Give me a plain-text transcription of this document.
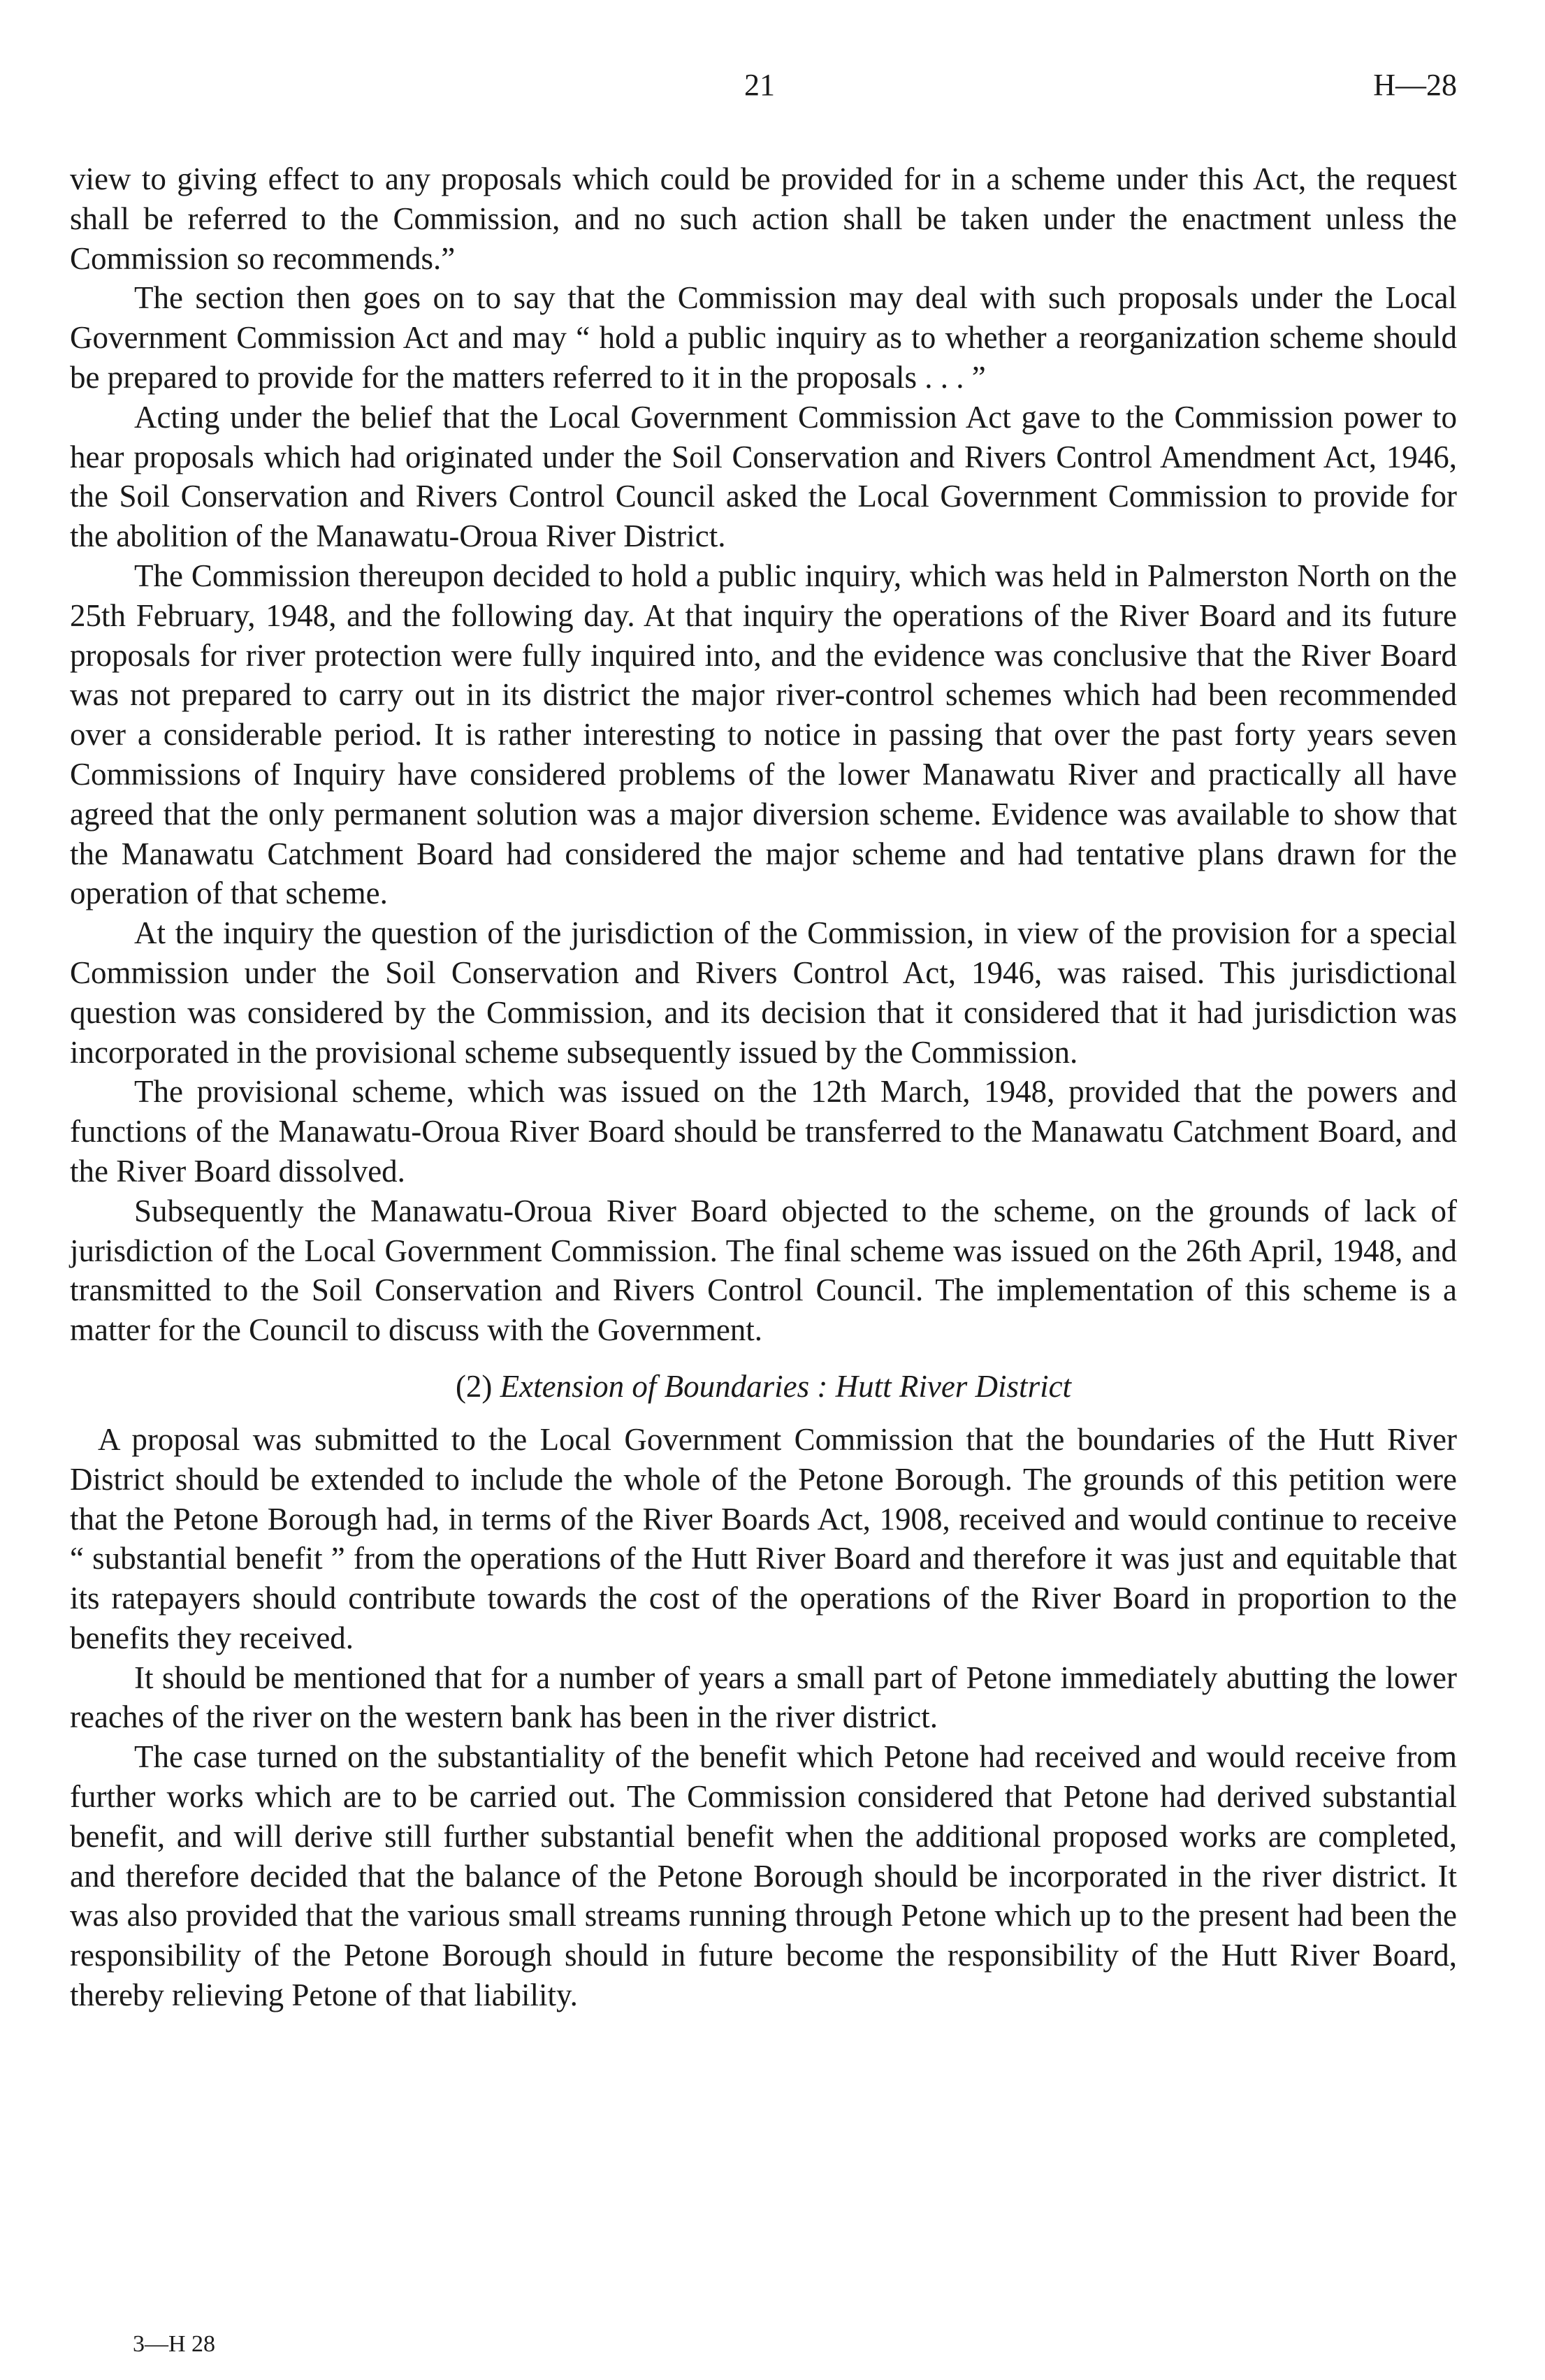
21	H—28

view to giving effect to any proposals which could be provided for in a scheme under this Act, the request shall be referred to the Commission, and no such action shall be taken under the enactment unless the Commission so recommends.”

The section then goes on to say that the Commission may deal with such proposals under the Local Government Commission Act and may “ hold a public inquiry as to whether a reorganization scheme should be prepared to provide for the matters referred to it in the proposals . . . ”

Acting under the belief that the Local Government Commission Act gave to the Commission power to hear proposals which had originated under the Soil Conservation and Rivers Control Amendment Act, 1946, the Soil Conservation and Rivers Control Council asked the Local Government Commission to provide for the abolition of the Manawatu-Oroua River District.

The Commission thereupon decided to hold a public inquiry, which was held in Palmerston North on the 25th February, 1948, and the following day. At that inquiry the operations of the River Board and its future proposals for river protection were fully inquired into, and the evidence was conclusive that the River Board was not prepared to carry out in its district the major river-control schemes which had been recommended over a considerable period. It is rather interesting to notice in passing that over the past forty years seven Commissions of Inquiry have considered problems of the lower Manawatu River and practically all have agreed that the only permanent solution was a major diversion scheme. Evidence was available to show that the Manawatu Catchment Board had considered the major scheme and had tentative plans drawn for the operation of that scheme.

At the inquiry the question of the jurisdiction of the Commission, in view of the provision for a special Commission under the Soil Conservation and Rivers Control Act, 1946, was raised. This jurisdictional question was considered by the Commission, and its decision that it considered that it had jurisdiction was incorporated in the provisional scheme subsequently issued by the Commission.

The provisional scheme, which was issued on the 12th March, 1948, provided that the powers and functions of the Manawatu-Oroua River Board should be transferred to the Manawatu Catchment Board, and the River Board dissolved.

Subsequently the Manawatu-Oroua River Board objected to the scheme, on the grounds of lack of jurisdiction of the Local Government Commission. The final scheme was issued on the 26th April, 1948, and transmitted to the Soil Conservation and Rivers Control Council. The implementation of this scheme is a matter for the Council to discuss with the Government.

(2) Extension of Boundaries : Hutt River District

A proposal was submitted to the Local Government Commission that the boundaries of the Hutt River District should be extended to include the whole of the Petone Borough. The grounds of this petition were that the Petone Borough had, in terms of the River Boards Act, 1908, received and would continue to receive “ substantial benefit ” from the operations of the Hutt River Board and therefore it was just and equitable that its ratepayers should contribute towards the cost of the operations of the River Board in proportion to the benefits they received.

It should be mentioned that for a number of years a small part of Petone immediately abutting the lower reaches of the river on the western bank has been in the river district.

The case turned on the substantiality of the benefit which Petone had received and would receive from further works which are to be carried out. The Commission considered that Petone had derived substantial benefit, and will derive still further substantial benefit when the additional proposed works are completed, and therefore decided that the balance of the Petone Borough should be incorporated in the river district. It was also provided that the various small streams running through Petone which up to the present had been the responsibility of the Petone Borough should in future become the responsibility of the Hutt River Board, thereby relieving Petone of that liability.

3—H 28
